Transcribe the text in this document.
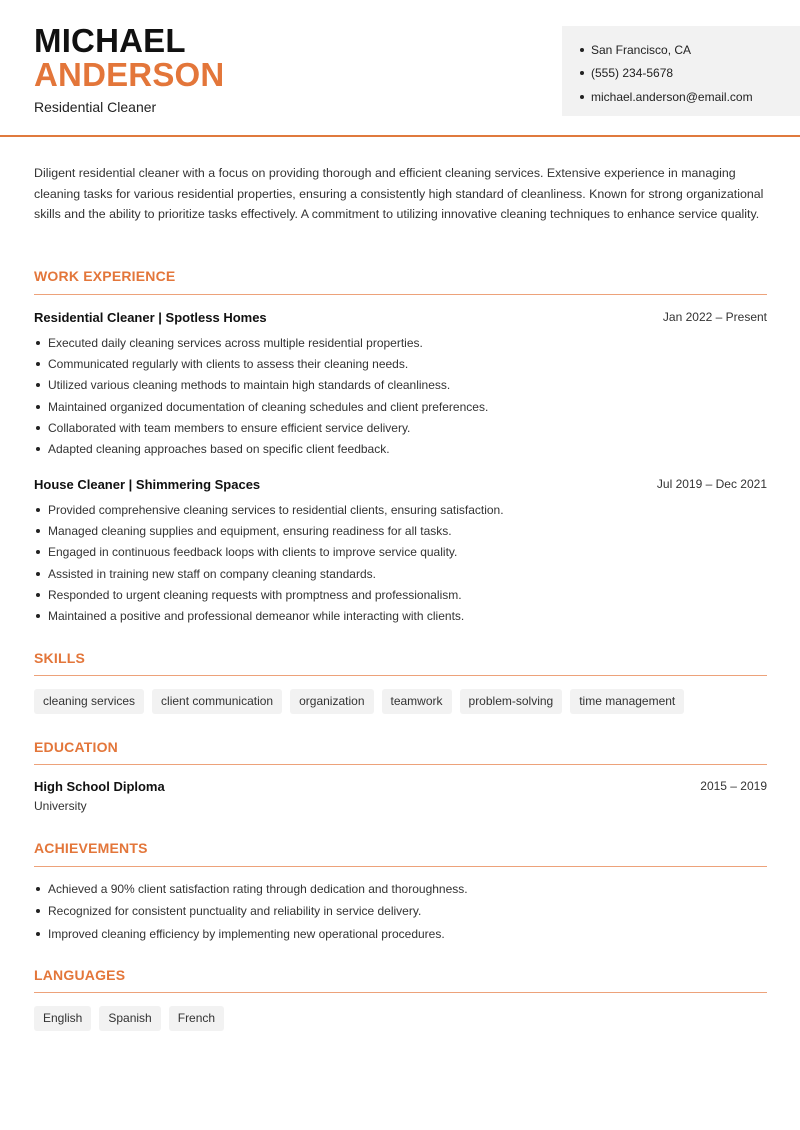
MICHAEL
ANDERSON
Residential Cleaner
San Francisco, CA
(555) 234-5678
michael.anderson@email.com

Diligent residential cleaner with a focus on providing thorough and efficient cleaning services. Extensive experience in managing cleaning tasks for various residential properties, ensuring a consistently high standard of cleanliness. Known for strong organizational skills and the ability to prioritize tasks effectively. A commitment to utilizing innovative cleaning techniques to enhance service quality.

WORK EXPERIENCE
Residential Cleaner | Spotless Homes	Jan 2022 – Present
Executed daily cleaning services across multiple residential properties.
Communicated regularly with clients to assess their cleaning needs.
Utilized various cleaning methods to maintain high standards of cleanliness.
Maintained organized documentation of cleaning schedules and client preferences.
Collaborated with team members to ensure efficient service delivery.
Adapted cleaning approaches based on specific client feedback.
House Cleaner | Shimmering Spaces	Jul 2019 – Dec 2021
Provided comprehensive cleaning services to residential clients, ensuring satisfaction.
Managed cleaning supplies and equipment, ensuring readiness for all tasks.
Engaged in continuous feedback loops with clients to improve service quality.
Assisted in training new staff on company cleaning standards.
Responded to urgent cleaning requests with promptness and professionalism.
Maintained a positive and professional demeanor while interacting with clients.
SKILLS
cleaning services	client communication	organization	teamwork	problem-solving	time management
EDUCATION
High School Diploma	2015 – 2019
University
ACHIEVEMENTS
Achieved a 90% client satisfaction rating through dedication and thoroughness.
Recognized for consistent punctuality and reliability in service delivery.
Improved cleaning efficiency by implementing new operational procedures.
LANGUAGES
English	Spanish	French
